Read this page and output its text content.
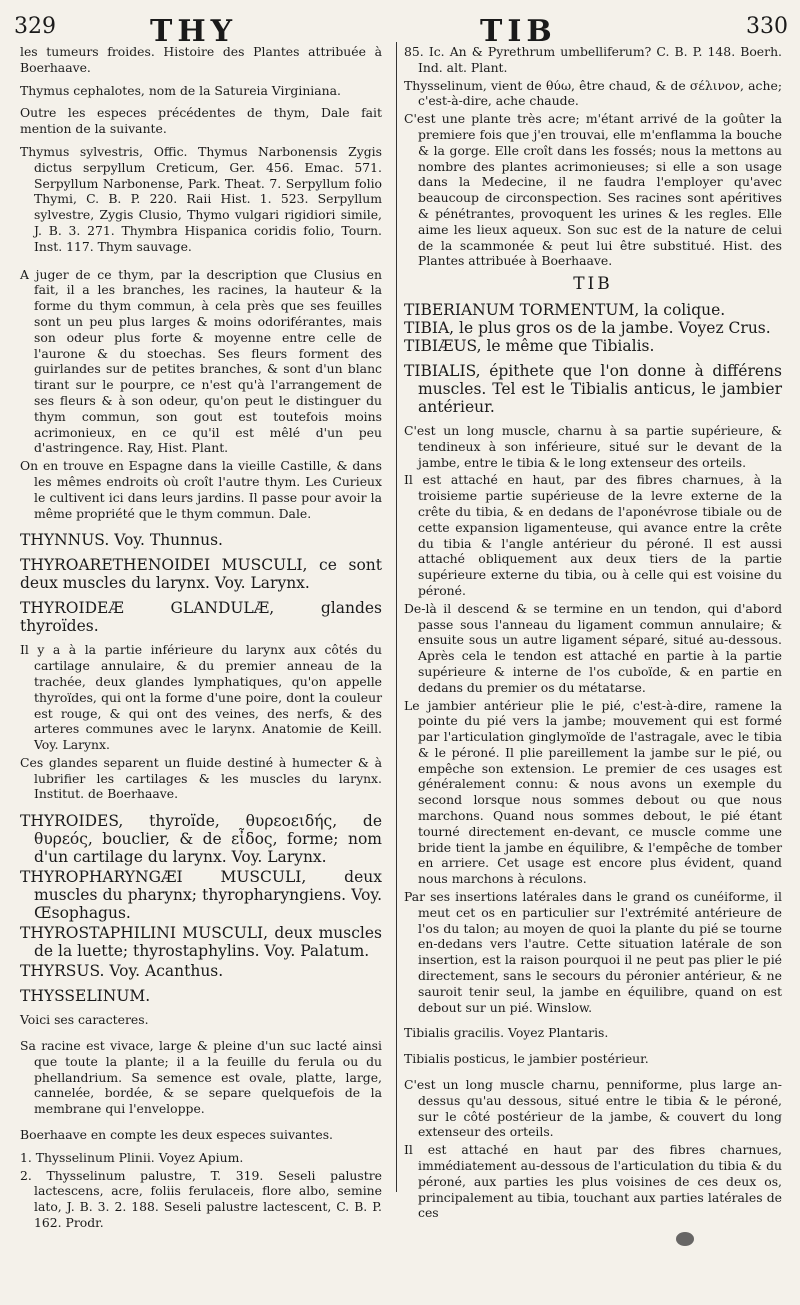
329	THY	TIB	330

les tumeurs froides. Histoire des Plantes attribuée à Boerhaave.

Thymus cephalotes, nom de la Satureia Virginiana.

Outre les especes précédentes de thym, Dale fait mention de la suivante.

Thymus sylvestris, Offic. Thymus Narbonensis Zygis dictus serpyllum Creticum, Ger. 456. Emac. 571. Serpyllum Narbonense, Park. Theat. 7. Serpyllum folio Thymi, C. B. P. 220. Raii Hist. 1. 523. Serpyllum sylvestre, Zygis Clusio, Thymo vulgari rigidiori simile, J. B. 3. 271. Thymbra Hispanica coridis folio, Tourn. Inst. 117. Thym sauvage.

A juger de ce thym, par la description que Clusius en fait, il a les branches, les racines, la hauteur & la forme du thym commun, à cela près que ses feuilles sont un peu plus larges & moins odoriférantes, mais son odeur plus forte & moyenne entre celle de l'aurone & du stoechas. Ses fleurs forment des guirlandes sur de petites branches, & sont d'un blanc tirant sur le pourpre, ce n'est qu'à l'arrangement de ses fleurs & à son odeur, qu'on peut le distinguer du thym commun, son gout est toutefois moins acrimonieux, en ce qu'il est mêlé d'un peu d'astringence. Ray, Hist. Plant.

On en trouve en Espagne dans la vieille Castille, & dans les mêmes endroits où croît l'autre thym. Les Curieux le cultivent ici dans leurs jardins. Il passe pour avoir la même propriété que le thym commun. Dale.

THYNNUS. Voy. Thunnus.

THYROARETHENOIDEI MUSCULI, ce sont deux muscles du larynx. Voy. Larynx.

THYROIDEÆ GLANDULÆ, glandes thyroïdes.

Il y a à la partie inférieure du larynx aux côtés du cartilage annulaire, & du premier anneau de la trachée, deux glandes lymphatiques, qu'on appelle thyroïdes, qui ont la forme d'une poire, dont la couleur est rouge, & qui ont des veines, des nerfs, & des arteres communes avec le larynx. Anatomie de Keill. Voy. Larynx.

Ces glandes separent un fluide destiné à humecter & à lubrifier les cartilages & les muscles du larynx. Institut. de Boerhaave.

THYROIDES, thyroïde, θυρεοειδής, de θυρεός, bouclier, & de εἶδος, forme; nom d'un cartilage du larynx. Voy. Larynx.

THYROPHARYNGÆI MUSCULI, deux muscles du pharynx; thyropharyngiens. Voy. Œsophagus.

THYROSTAPHILINI MUSCULI, deux muscles de la luette; thyrostaphylins. Voy. Palatum.

THYRSUS. Voy. Acanthus.

THYSSELINUM.

Voici ses caracteres.

Sa racine est vivace, large & pleine d'un suc lacté ainsi que toute la plante; il a la feuille du ferula ou du phellandrium. Sa semence est ovale, platte, large, cannelée, bordée, & se separe quelquefois de la membrane qui l'enveloppe.

Boerhaave en compte les deux especes suivantes.

1. Thysselinum Plinii. Voyez Apium.

2. Thysselinum palustre, T. 319. Seseli palustre lactescens, acre, foliis ferulaceis, flore albo, semine lato, J. B. 3. 2. 188. Seseli palustre lactescent, C. B. P. 162. Prodr.

85. Ic. An & Pyrethrum umbelliferum? C. B. P. 148. Boerh. Ind. alt. Plant.

Thysselinum, vient de θύω, être chaud, & de σέλινον, ache; c'est-à-dire, ache chaude.

C'est une plante très acre; m'étant arrivé de la goûter la premiere fois que j'en trouvai, elle m'enflamma la bouche & la gorge. Elle croît dans les fossés; nous la mettons au nombre des plantes acrimonieuses; si elle a son usage dans la Medecine, il ne faudra l'employer qu'avec beaucoup de circonspection. Ses racines sont apéritives & pénétrantes, provoquent les urines & les regles. Elle aime les lieux aqueux. Son suc est de la nature de celui de la scammonée & peut lui être substitué. Hist. des Plantes attribuée à Boerhaave.

TIB

TIBERIANUM TORMENTUM, la colique.

TIBIA, le plus gros os de la jambe. Voyez Crus.

TIBIÆUS, le même que Tibialis.

TIBIALIS, épithete que l'on donne à différens muscles. Tel est le Tibialis anticus, le jambier antérieur.

C'est un long muscle, charnu à sa partie supérieure, & tendineux à son inférieure, situé sur le devant de la jambe, entre le tibia & le long extenseur des orteils.

Il est attaché en haut, par des fibres charnues, à la troisieme partie supérieuse de la levre externe de la crête du tibia, & en dedans de l'aponévrose tibiale ou de cette expansion ligamenteuse, qui avance entre la crête du tibia & l'angle antérieur du péroné. Il est aussi attaché obliquement aux deux tiers de la partie supérieure externe du tibia, ou à celle qui est voisine du péroné.

De-là il descend & se termine en un tendon, qui d'abord passe sous l'anneau du ligament commun annulaire; & ensuite sous un autre ligament séparé, situé au-dessous. Après cela le tendon est attaché en partie à la partie supérieure & interne de l'os cuboïde, & en partie en dedans du premier os du métatarse.

Le jambier antérieur plie le pié, c'est-à-dire, ramene la pointe du pié vers la jambe; mouvement qui est formé par l'articulation ginglymoïde de l'astragale, avec le tibia & le péroné. Il plie pareillement la jambe sur le pié, ou empêche son extension. Le premier de ces usages est généralement connu: & nous avons un exemple du second lorsque nous sommes debout ou que nous marchons. Quand nous sommes debout, le pié étant tourné directement en-devant, ce muscle comme une bride tient la jambe en équilibre, & l'empêche de tomber en arriere. Cet usage est encore plus évident, quand nous marchons à réculons.

Par ses insertions latérales dans le grand os cunéiforme, il meut cet os en particulier sur l'extrémité antérieure de l'os du talon; au moyen de quoi la plante du pié se tourne en-dedans vers l'autre. Cette situation latérale de son insertion, est la raison pourquoi il ne peut pas plier le pié directement, sans le secours du péronier antérieur, & ne sauroit tenir seul, la jambe en équilibre, quand on est debout sur un pié. Winslow.

Tibialis gracilis. Voyez Plantaris.

Tibialis posticus, le jambier postérieur.

C'est un long muscle charnu, penniforme, plus large an-dessus qu'au dessous, situé entre le tibia & le péroné, sur le côté postérieur de la jambe, & couvert du long extenseur des orteils.

Il est attaché en haut par des fibres charnues, immédiatement au-dessous de l'articulation du tibia & du péroné, aux parties les plus voisines de ces deux os, principalement au tibia, touchant aux parties latérales de ces
